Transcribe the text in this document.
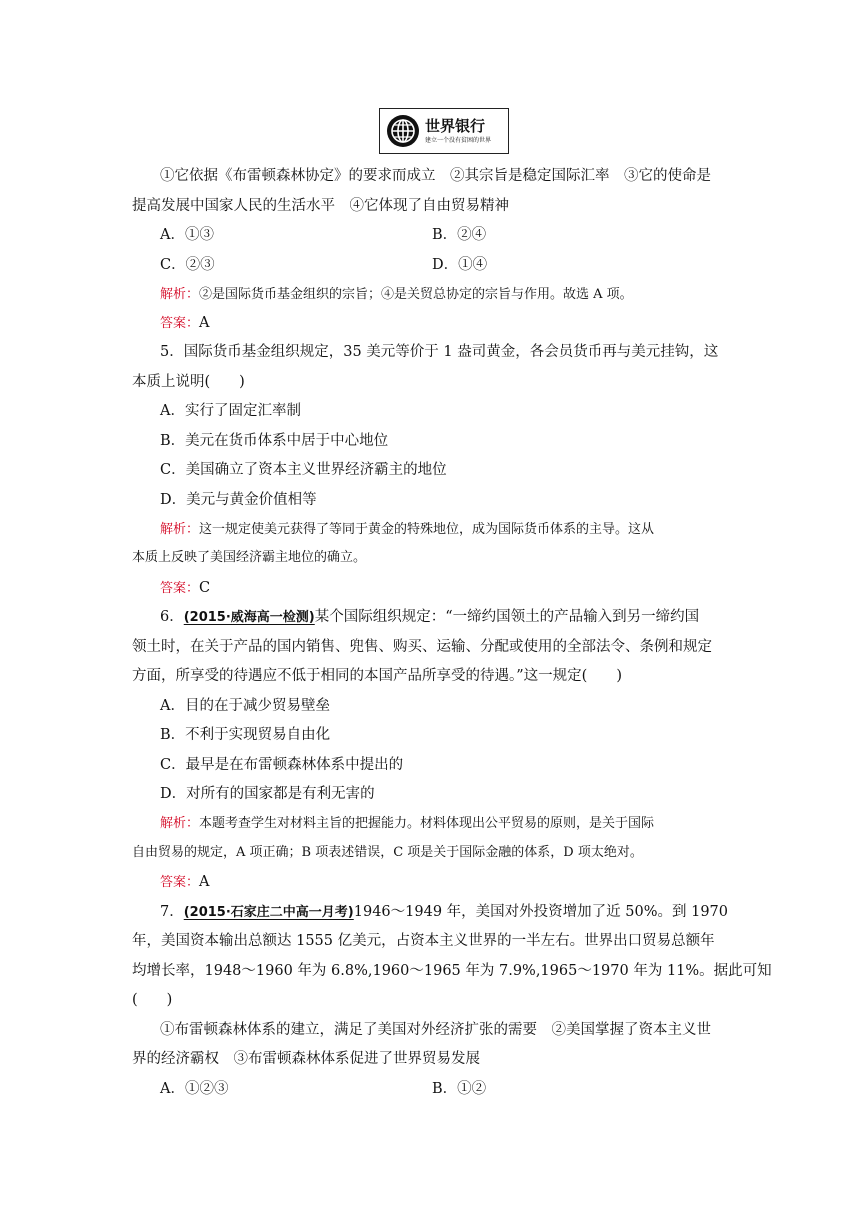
世界银行
建立一个没有贫困的世界
①它依据《布雷顿森林协定》的要求而成立　②其宗旨是稳定国际汇率　③它的使命是
提高发展中国家人民的生活水平　④它体现了自由贸易精神
A．①③	B．②④
C．②③	D．①④
解析：②是国际货币基金组织的宗旨；④是关贸总协定的宗旨与作用。故选 A 项。
答案：A
5．国际货币基金组织规定，35 美元等价于 1 盎司黄金，各会员货币再与美元挂钩，这
本质上说明(　　)
A．实行了固定汇率制
B．美元在货币体系中居于中心地位
C．美国确立了资本主义世界经济霸主的地位
D．美元与黄金价值相等
解析：这一规定使美元获得了等同于黄金的特殊地位，成为国际货币体系的主导。这从
本质上反映了美国经济霸主地位的确立。
答案：C
6．(2015·威海高一检测)某个国际组织规定：“一缔约国领土的产品输入到另一缔约国
领土时，在关于产品的国内销售、兜售、购买、运输、分配或使用的全部法令、条例和规定
方面，所享受的待遇应不低于相同的本国产品所享受的待遇。”这一规定(　　)
A．目的在于减少贸易壁垒
B．不利于实现贸易自由化
C．最早是在布雷顿森林体系中提出的
D．对所有的国家都是有利无害的
解析：本题考查学生对材料主旨的把握能力。材料体现出公平贸易的原则，是关于国际
自由贸易的规定，A 项正确；B 项表述错误，C 项是关于国际金融的体系，D 项太绝对。
答案：A
7．(2015·石家庄二中高一月考)1946～1949 年，美国对外投资增加了近 50%。到 1970
年，美国资本输出总额达 1555 亿美元，占资本主义世界的一半左右。世界出口贸易总额年
均增长率，1948～1960 年为 6.8%,1960～1965 年为 7.9%,1965～1970 年为 11%。据此可知
(　　)
①布雷顿森林体系的建立，满足了美国对外经济扩张的需要　②美国掌握了资本主义世
界的经济霸权　③布雷顿森林体系促进了世界贸易发展
A．①②③	B．①②
